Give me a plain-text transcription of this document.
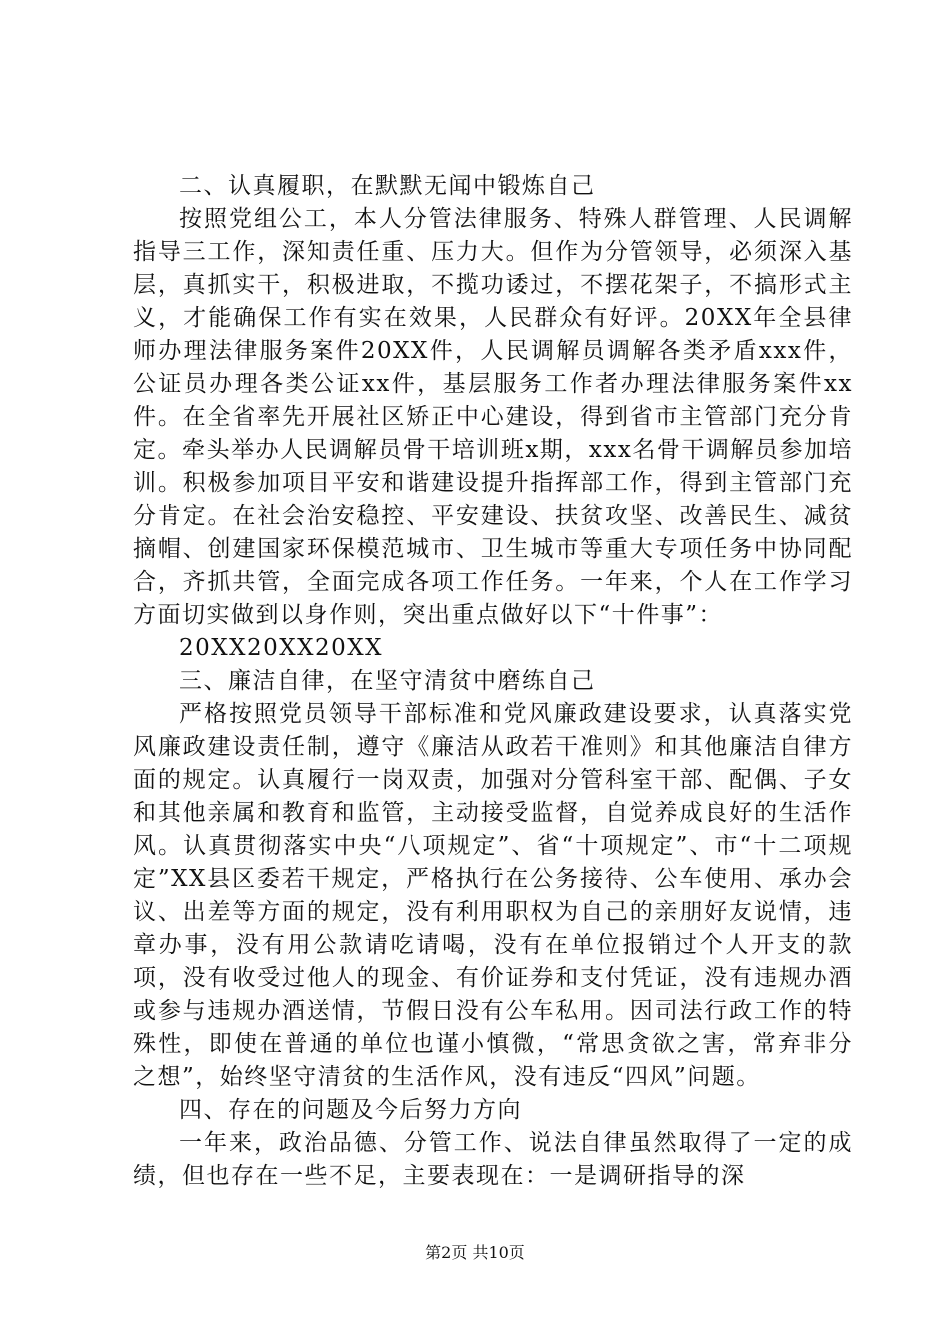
二、认真履职，在默默无闻中锻炼自己

按照党组公工，本人分管法律服务、特殊人群管理、人民调解指导三工作，深知责任重、压力大。但作为分管领导，必须深入基层，真抓实干，积极进取，不揽功诿过，不摆花架子，不搞形式主义，才能确保工作有实在效果，人民群众有好评。20XX年全县律师办理法律服务案件20XX件，人民调解员调解各类矛盾xxx件，公证员办理各类公证xx件，基层服务工作者办理法律服务案件xx件。在全省率先开展社区矫正中心建设，得到省市主管部门充分肯定。牵头举办人民调解员骨干培训班x期，xxx名骨干调解员参加培训。积极参加项目平安和谐建设提升指挥部工作，得到主管部门充分肯定。在社会治安稳控、平安建设、扶贫攻坚、改善民生、减贫摘帽、创建国家环保模范城市、卫生城市等重大专项任务中协同配合，齐抓共管，全面完成各项工作任务。一年来，个人在工作学习方面切实做到以身作则，突出重点做好以下“十件事”：

20XX20XX20XX

三、廉洁自律，在坚守清贫中磨练自己

严格按照党员领导干部标准和党风廉政建设要求，认真落实党风廉政建设责任制，遵守《廉洁从政若干准则》和其他廉洁自律方面的规定。认真履行一岗双责，加强对分管科室干部、配偶、子女和其他亲属和教育和监管，主动接受监督，自觉养成良好的生活作风。认真贯彻落实中央“八项规定”、省“十项规定”、市“十二项规定”XX县区委若干规定，严格执行在公务接待、公车使用、承办会议、出差等方面的规定，没有利用职权为自己的亲朋好友说情，违章办事，没有用公款请吃请喝，没有在单位报销过个人开支的款项，没有收受过他人的现金、有价证券和支付凭证，没有违规办酒或参与违规办酒送情，节假日没有公车私用。因司法行政工作的特殊性，即使在普通的单位也谨小慎微，“常思贪欲之害，常弃非分之想”，始终坚守清贫的生活作风，没有违反“四风”问题。

四、存在的问题及今后努力方向

一年来，政治品德、分管工作、说法自律虽然取得了一定的成绩，但也存在一些不足，主要表现在：一是调研指导的深

第2页 共10页
